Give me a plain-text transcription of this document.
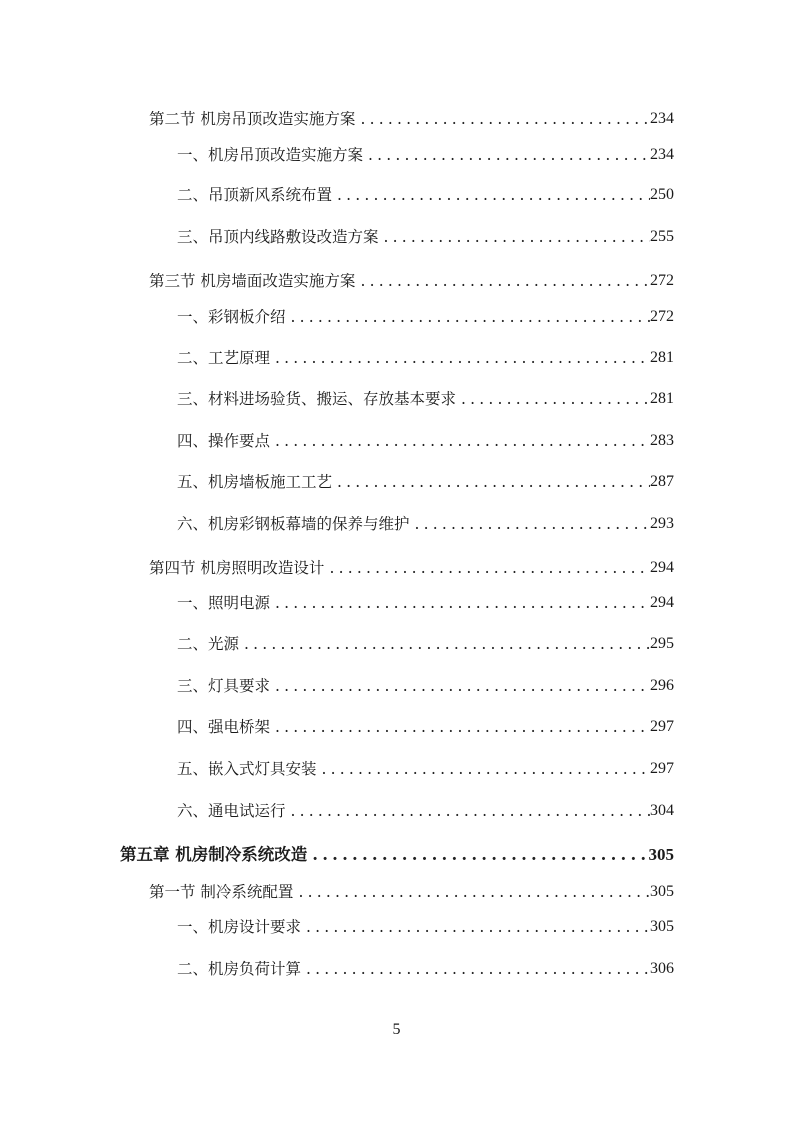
第二节 机房吊顶改造实施方案 .....	234
一、机房吊顶改造实施方案 .....	234
二、吊顶新风系统布置 .....	250
三、吊顶内线路敷设改造方案 .....	255
第三节 机房墙面改造实施方案 .....	272
一、彩钢板介绍 .....	272
二、工艺原理 .....	281
三、材料进场验货、搬运、存放基本要求 .....	281
四、操作要点 .....	283
五、机房墙板施工工艺 .....	287
六、机房彩钢板幕墙的保养与维护 .....	293
第四节 机房照明改造设计 .....	294
一、照明电源 .....	294
二、光源 .....	295
三、灯具要求 .....	296
四、强电桥架 .....	297
五、嵌入式灯具安装 .....	297
六、通电试运行 .....	304
第五章 机房制冷系统改造 .....	305
第一节 制冷系统配置 .....	305
一、机房设计要求 .....	305
二、机房负荷计算 .....	306
5
